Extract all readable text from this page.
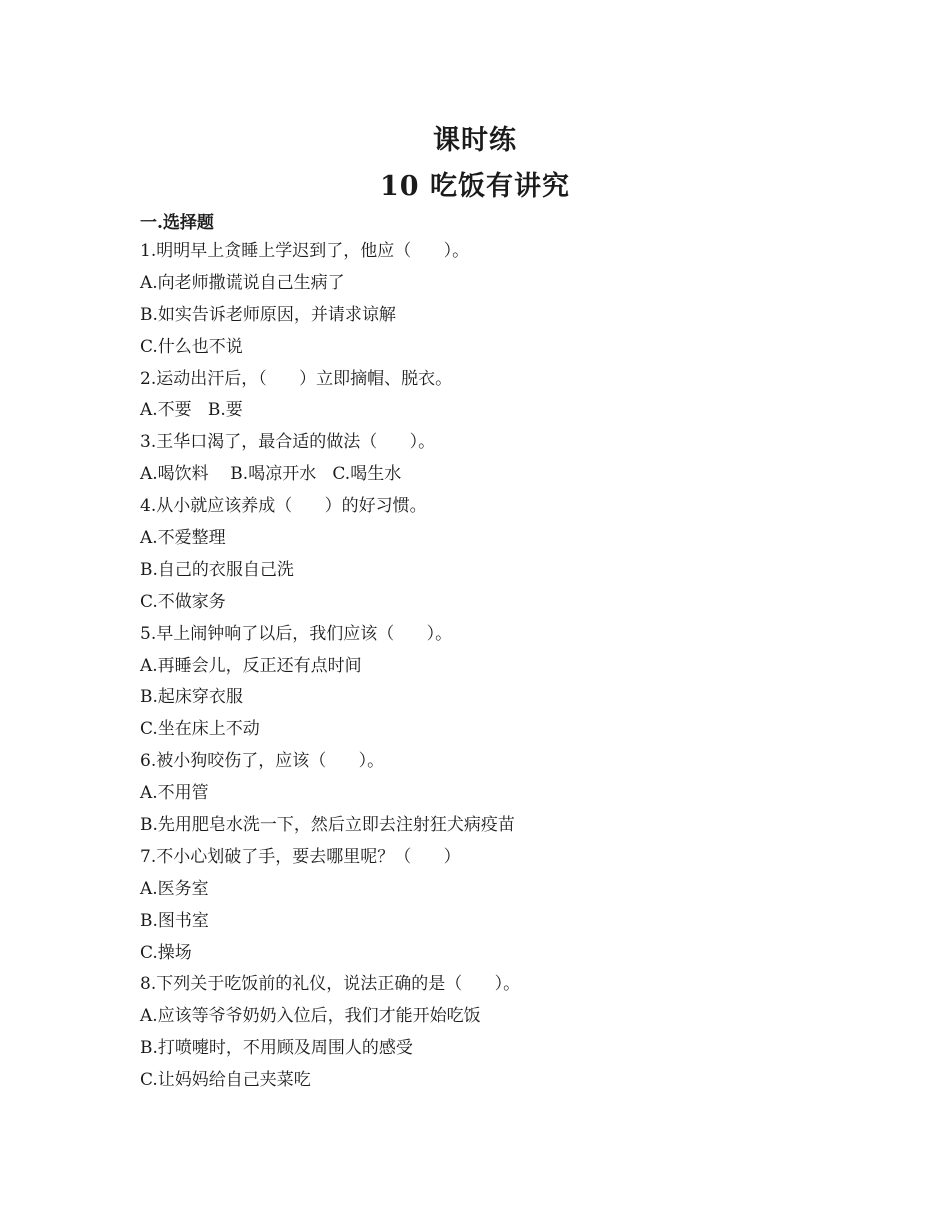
课时练
10 吃饭有讲究
一.选择题
1.明明早上贪睡上学迟到了，他应（      ）。
A.向老师撒谎说自己生病了
B.如实告诉老师原因，并请求谅解
C.什么也不说
2.运动出汗后，（      ）立即摘帽、脱衣。
A.不要   B.要
3.王华口渴了，最合适的做法（      ）。
A.喝饮料    B.喝凉开水   C.喝生水
4.从小就应该养成（      ）的好习惯。
A.不爱整理
B.自己的衣服自己洗
C.不做家务
5.早上闹钟响了以后，我们应该（      ）。
A.再睡会儿，反正还有点时间
B.起床穿衣服
C.坐在床上不动
6.被小狗咬伤了，应该（      ）。
A.不用管
B.先用肥皂水洗一下，然后立即去注射狂犬病疫苗
7.不小心划破了手，要去哪里呢？（      ）
A.医务室
B.图书室
C.操场
8.下列关于吃饭前的礼仪，说法正确的是（      ）。
A.应该等爷爷奶奶入位后，我们才能开始吃饭
B.打喷嚏时，不用顾及周围人的感受
C.让妈妈给自己夹菜吃
